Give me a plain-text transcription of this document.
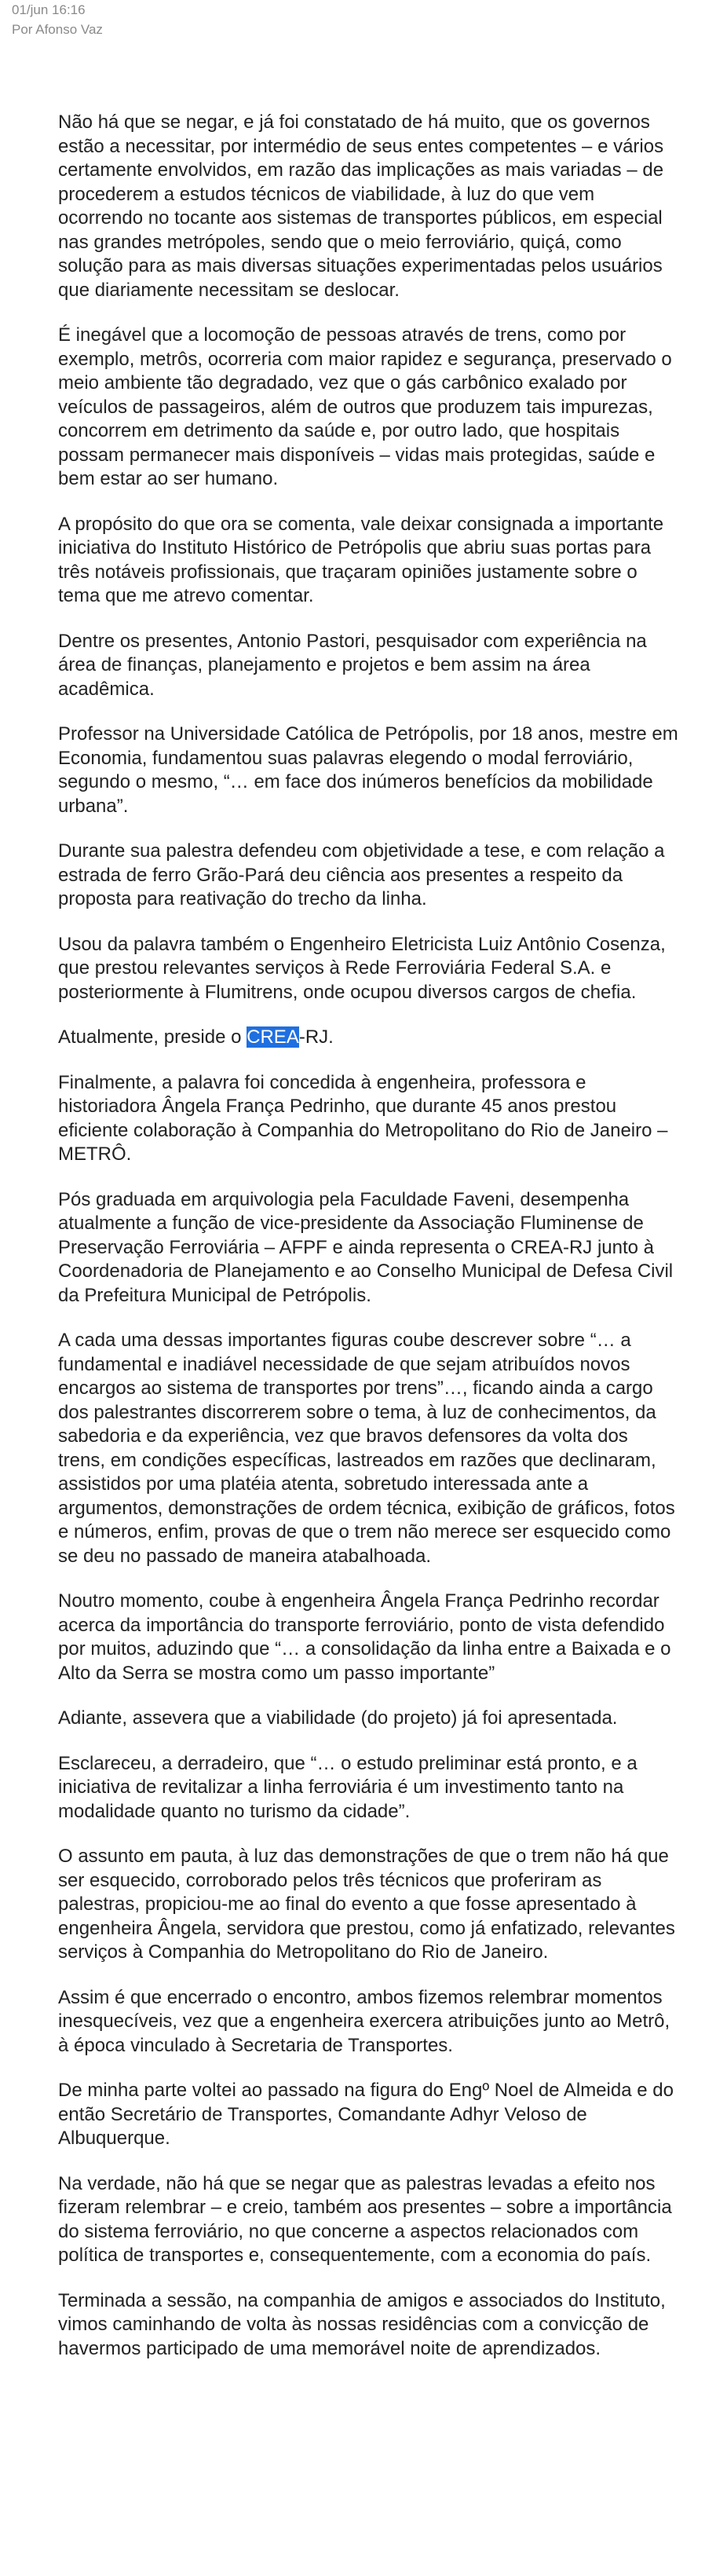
01/jun 16:16
Por Afonso Vaz

Não há que se negar, e já foi constatado de há muito, que os governos estão a necessitar, por intermédio de seus entes competentes – e vários certamente envolvidos, em razão das implicações as mais variadas – de procederem a estudos técnicos de viabilidade, à luz do que vem ocorrendo no tocante aos sistemas de transportes públicos, em especial nas grandes metrópoles, sendo que o meio ferroviário, quiçá, como solução para as mais diversas situações experimentadas pelos usuários que diariamente necessitam se deslocar.

É inegável que a locomoção de pessoas através de trens, como por exemplo, metrôs, ocorreria com maior rapidez e segurança, preservado o meio ambiente tão degradado, vez que o gás carbônico exalado por veículos de passageiros, além de outros que produzem tais impurezas, concorrem em detrimento da saúde e, por outro lado, que hospitais possam permanecer mais disponíveis – vidas mais protegidas, saúde e bem estar ao ser humano.

A propósito do que ora se comenta, vale deixar consignada a importante iniciativa do Instituto Histórico de Petrópolis que abriu suas portas para três notáveis profissionais, que traçaram opiniões justamente sobre o tema que me atrevo comentar.

Dentre os presentes, Antonio Pastori, pesquisador com experiência na área de finanças, planejamento e projetos e bem assim na área acadêmica.

Professor na Universidade Católica de Petrópolis, por 18 anos, mestre em Economia, fundamentou suas palavras elegendo o modal ferroviário, segundo o mesmo, “… em face dos inúmeros benefícios da mobilidade urbana”.

Durante sua palestra defendeu com objetividade a tese, e com relação a estrada de ferro Grão-Pará deu ciência aos presentes a respeito da proposta para reativação do trecho da linha.

Usou da palavra também o Engenheiro Eletricista Luiz Antônio Cosenza, que prestou relevantes serviços à Rede Ferroviária Federal S.A. e posteriormente à Flumitrens, onde ocupou diversos cargos de chefia.

Atualmente, preside o CREA-RJ.

Finalmente, a palavra foi concedida à engenheira, professora e historiadora Ângela França Pedrinho, que durante 45 anos prestou eficiente colaboração à Companhia do Metropolitano do Rio de Janeiro – METRÔ.

Pós graduada em arquivologia pela Faculdade Faveni, desempenha atualmente a função de vice-presidente da Associação Fluminense de Preservação Ferroviária – AFPF e ainda representa o CREA-RJ junto à Coordenadoria de Planejamento e ao Conselho Municipal de Defesa Civil da Prefeitura Municipal de Petrópolis.

A cada uma dessas importantes figuras coube descrever sobre “… a fundamental e inadiável necessidade de que sejam atribuídos novos encargos ao sistema de transportes por trens”…, ficando ainda a cargo dos palestrantes discorrerem sobre o tema, à luz de conhecimentos, da sabedoria e da experiência, vez que bravos defensores da volta dos trens, em condições específicas, lastreados em razões que declinaram, assistidos por uma platéia atenta, sobretudo interessada ante a argumentos, demonstrações de ordem técnica, exibição de gráficos, fotos e números, enfim, provas de que o trem não merece ser esquecido como se deu no passado de maneira atabalhoada.

Noutro momento, coube à engenheira Ângela França Pedrinho recordar acerca da importância do transporte ferroviário, ponto de vista defendido por muitos, aduzindo que “… a consolidação da linha entre a Baixada e o Alto da Serra se mostra como um passo importante”

Adiante, assevera que a viabilidade (do projeto) já foi apresentada.

Esclareceu, a derradeiro, que “… o estudo preliminar está pronto, e a iniciativa de revitalizar a linha ferroviária é um investimento tanto na modalidade quanto no turismo da cidade”.

O assunto em pauta, à luz das demonstrações de que o trem não há que ser esquecido, corroborado pelos três técnicos que proferiram as palestras, propiciou-me ao final do evento a que fosse apresentado à engenheira Ângela, servidora que prestou, como já enfatizado, relevantes serviços à Companhia do Metropolitano do Rio de Janeiro.

Assim é que encerrado o encontro, ambos fizemos relembrar momentos inesquecíveis, vez que a engenheira exercera atribuições junto ao Metrô, à época vinculado à Secretaria de Transportes.

De minha parte voltei ao passado na figura do Engº Noel de Almeida e do então Secretário de Transportes, Comandante Adhyr Veloso de Albuquerque.

Na verdade, não há que se negar que as palestras levadas a efeito nos fizeram relembrar – e creio, também aos presentes – sobre a importância do sistema ferroviário, no que concerne a aspectos relacionados com política de transportes e, consequentemente, com a economia do país.

Terminada a sessão, na companhia de amigos e associados do Instituto, vimos caminhando de volta às nossas residências com a convicção de havermos participado de uma memorável noite de aprendizados.
